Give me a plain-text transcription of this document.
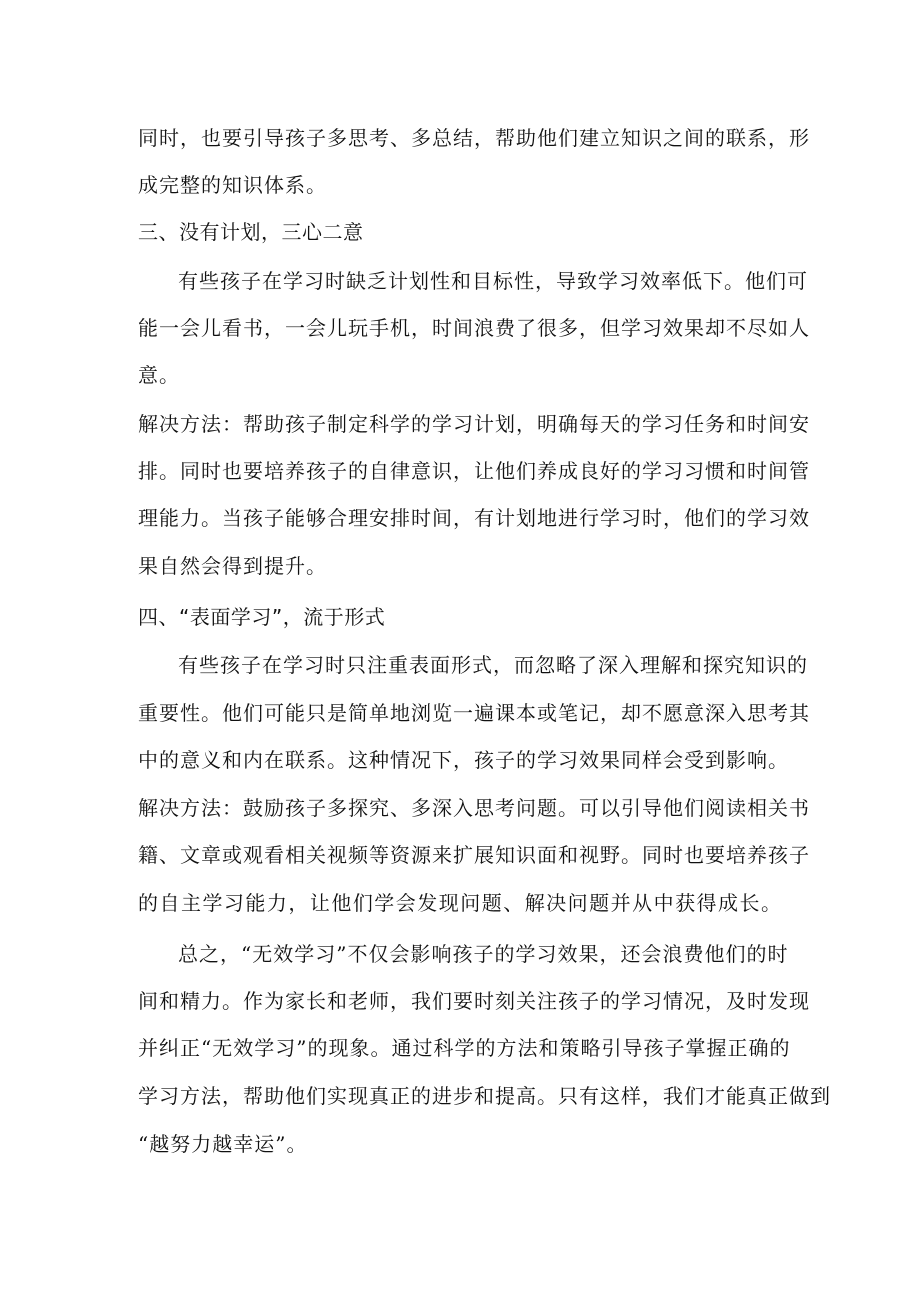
同时，也要引导孩子多思考、多总结，帮助他们建立知识之间的联系，形
成完整的知识体系。
三、没有计划，三心二意
有些孩子在学习时缺乏计划性和目标性，导致学习效率低下。他们可
能一会儿看书，一会儿玩手机，时间浪费了很多，但学习效果却不尽如人
意。
解决方法： 帮助孩子制定科学的学习计划，明确每天的学习任务和时间安
排。同时也要培养孩子的自律意识，让他们养成良好的学习习惯和时间管
理能力。当孩子能够合理安排时间，有计划地进行学习时，他们的学习效
果自然会得到提升。
四、“表面学习”，流于形式
有些孩子在学习时只注重表面形式，而忽略了深入理解和探究知识的
重要性。他们可能只是简单地浏览一遍课本或笔记，却不愿意深入思考其
中的意义和内在联系。这种情况下，孩子的学习效果同样会受到影响。
解决方法： 鼓励孩子多探究、多深入思考问题。可以引导他们阅读相关书
籍、文章或观看相关视频等资源来扩展知识面和视野。同时也要培养孩子
的自主学习能力，让他们学会发现问题、解决问题并从中获得成长。
总之，“无效学习”不仅会影响孩子的学习效果，还会浪费他们的时
间和精力。作为家长和老师，我们要时刻关注孩子的学习情况，及时发现
并纠正“无效学习”的现象。通过科学的方法和策略引导孩子掌握正确的
学习方法，帮助他们实现真正的进步和提高。只有这样，我们才能真正做到
“越努力越幸运”。
